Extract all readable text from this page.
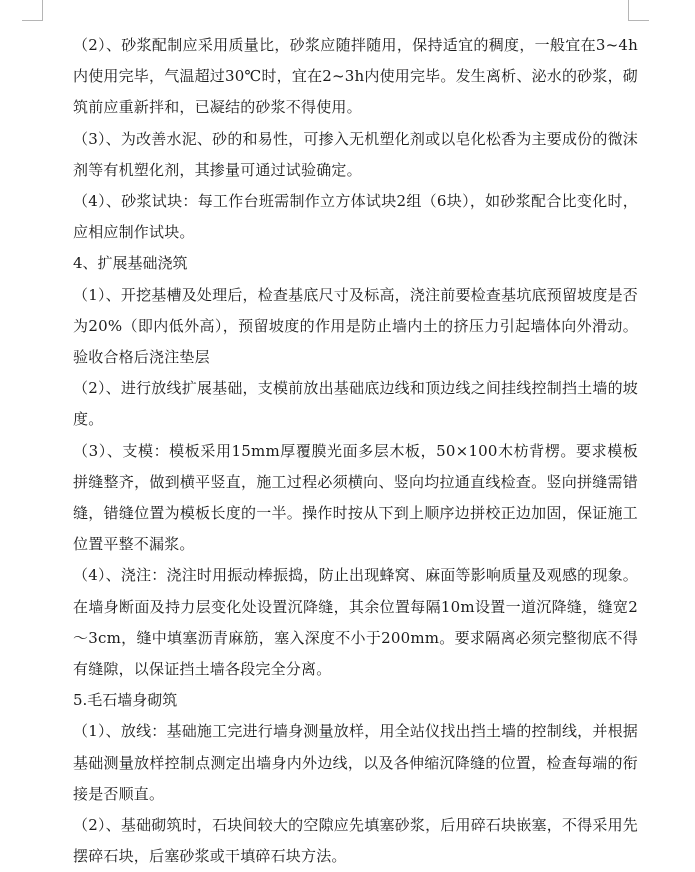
（2）、砂浆配制应采用质量比，砂浆应随拌随用，保持适宜的稠度，一般宜在3~4h内使用完毕，气温超过30℃时，宜在2~3h内使用完毕。发生离析、泌水的砂浆，砌筑前应重新拌和，已凝结的砂浆不得使用。

（3）、为改善水泥、砂的和易性，可掺入无机塑化剂或以皂化松香为主要成份的微沫剂等有机塑化剂，其掺量可通过试验确定。

（4）、砂浆试块：每工作台班需制作立方体试块2组（6块），如砂浆配合比变化时，应相应制作试块。

4、扩展基础浇筑

（1）、开挖基槽及处理后，检查基底尺寸及标高，浇注前要检查基坑底预留坡度是否为20%（即内低外高），预留坡度的作用是防止墙内土的挤压力引起墙体向外滑动。验收合格后浇注垫层

（2）、进行放线扩展基础，支模前放出基础底边线和顶边线之间挂线控制挡土墙的坡度。

（3）、支模：模板采用15mm厚覆膜光面多层木板，50×100木枋背楞。要求模板拼缝整齐，做到横平竖直，施工过程必须横向、竖向均拉通直线检查。竖向拼缝需错缝，错缝位置为模板长度的一半。操作时按从下到上顺序边拼校正边加固，保证施工位置平整不漏浆。

（4）、浇注：浇注时用振动棒振捣，防止出现蜂窝、麻面等影响质量及观感的现象。在墙身断面及持力层变化处设置沉降缝，其余位置每隔10m设置一道沉降缝，缝宽2～3cm，缝中填塞沥青麻筋，塞入深度不小于200mm。要求隔离必须完整彻底不得有缝隙，以保证挡土墙各段完全分离。

5.毛石墙身砌筑

（1）、放线：基础施工完进行墙身测量放样，用全站仪找出挡土墙的控制线，并根据基础测量放样控制点测定出墙身内外边线，以及各伸缩沉降缝的位置，检查每端的衔接是否顺直。

（2）、基础砌筑时，石块间较大的空隙应先填塞砂浆，后用碎石块嵌塞，不得采用先摆碎石块，后塞砂浆或干填碎石块方法。
